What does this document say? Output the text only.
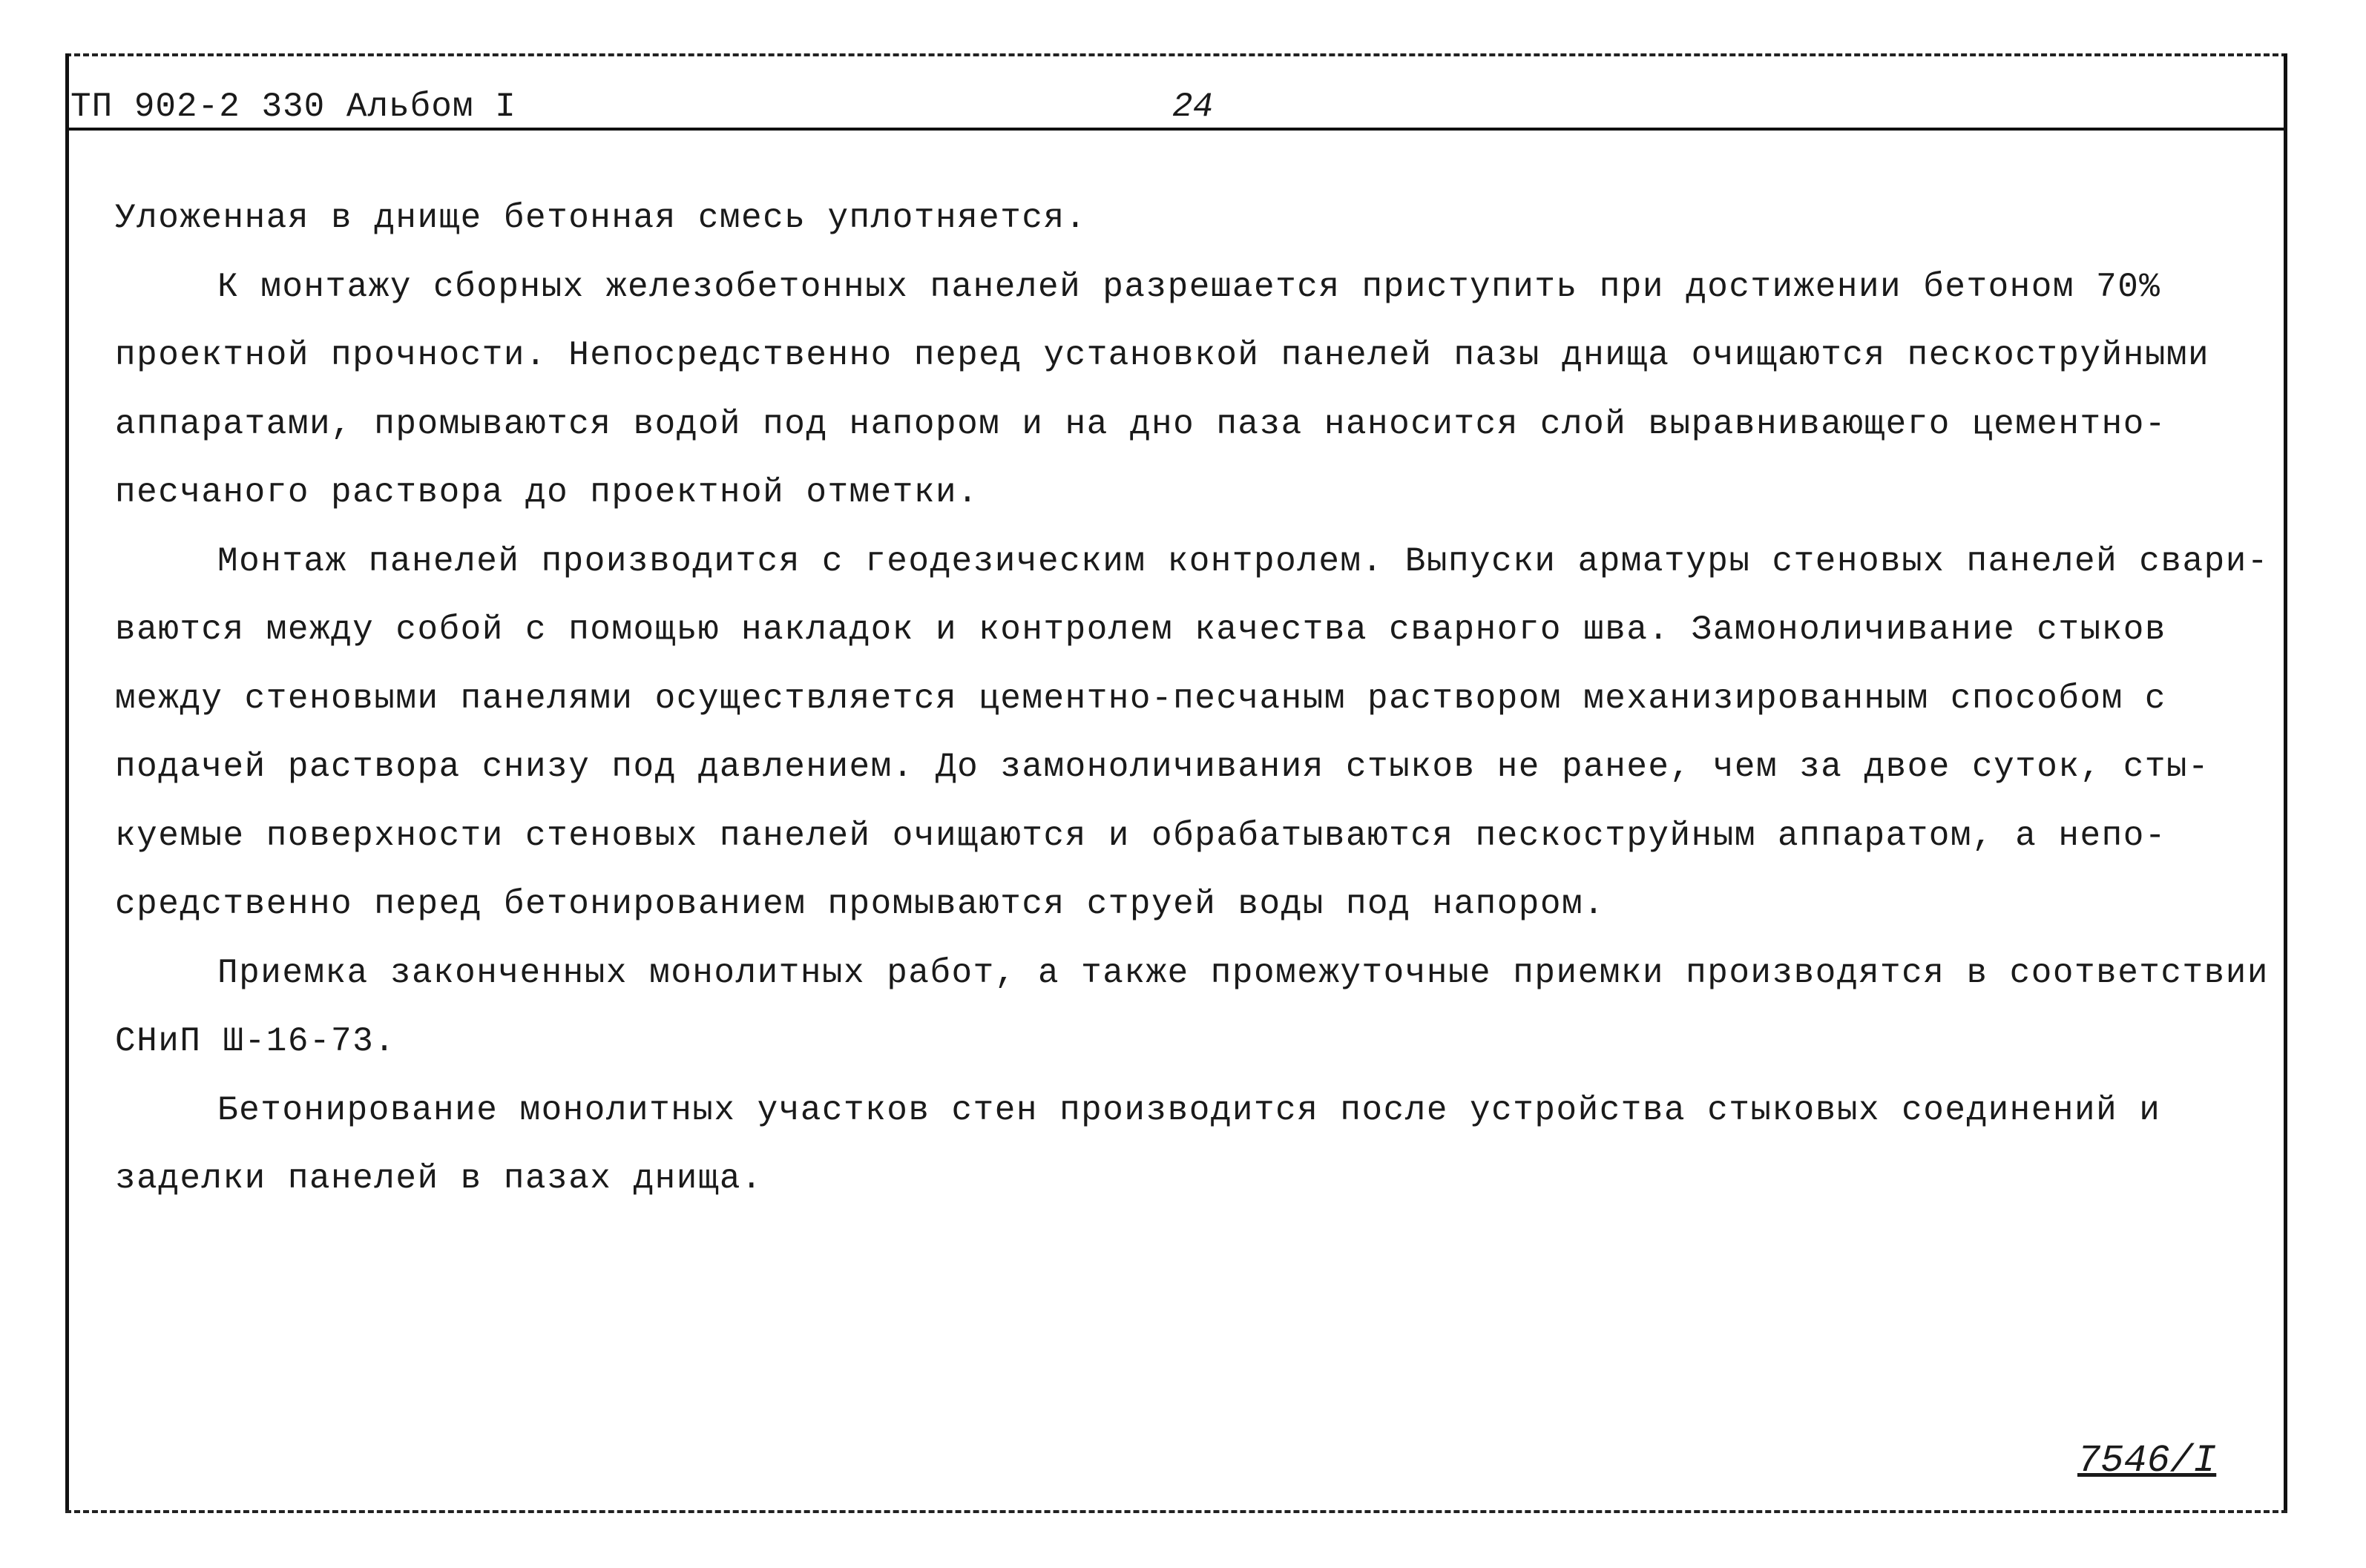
ТП 902-2 330 Альбом I	24

Уложенная в днище бетонная смесь уплотняется.

К монтажу сборных железобетонных панелей разрешается приступить при достижении бетоном 70%
проектной прочности. Непосредственно перед установкой панелей пазы днища очищаются пескоструйными
аппаратами, промываются водой под напором и на дно паза наносится слой выравнивающего цементно-
песчаного раствора до проектной отметки.

Монтаж панелей производится с геодезическим контролем. Выпуски арматуры стеновых панелей свари-
ваются между собой с помощью накладок и контролем качества сварного шва. Замоноличивание стыков
между стеновыми панелями осуществляется цементно-песчаным раствором механизированным способом с
подачей раствора снизу под давлением. До замоноличивания стыков не ранее, чем за двое суток, сты-
куемые поверхности стеновых панелей очищаются и обрабатываются пескоструйным аппаратом, а непо-
средственно перед бетонированием промываются струей воды под напором.

Приемка законченных монолитных работ, а также промежуточные приемки производятся в соответствии
СНиП Ш-16-73.

Бетонирование монолитных участков стен производится после устройства стыковых соединений и
заделки панелей в пазах днища.

7546/I
